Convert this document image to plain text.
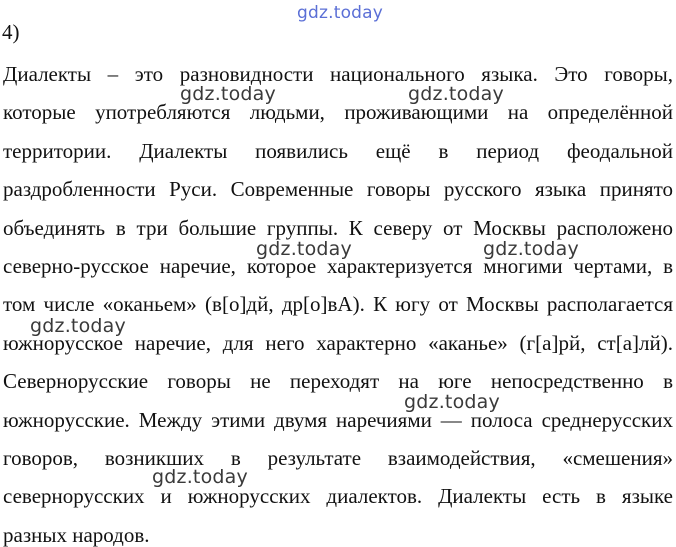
4)
Диалекты – это разновидности национального языка. Это говоры,
которые употребляются людьми, проживающими на определённой
территории. Диалекты появились ещё в период феодальной
раздробленности Руси. Современные говоры русского языка принято
объединять в три большие группы. К северу от Москвы расположено
северно-русское наречие, которое характеризуется многими чертами, в
том числе «оканьем» (в[о]дй, др[о]вА). К югу от Москвы располагается
южнорусское наречие, для него характерно «аканье» (г[а]рй, ст[а]лй).
Севернорусские говоры не переходят на юге непосредственно в
южнорусские. Между этими двумя наречиями — полоса среднерусских
говоров, возникших в результате взаимодействия, «смешения»
севернорусских и южнорусских диалектов. Диалекты есть в языке
разных народов.
gdz.today
gdz.today	gdz.today
gdz.today	gdz.today
gdz.today
gdz.today
gdz.today
